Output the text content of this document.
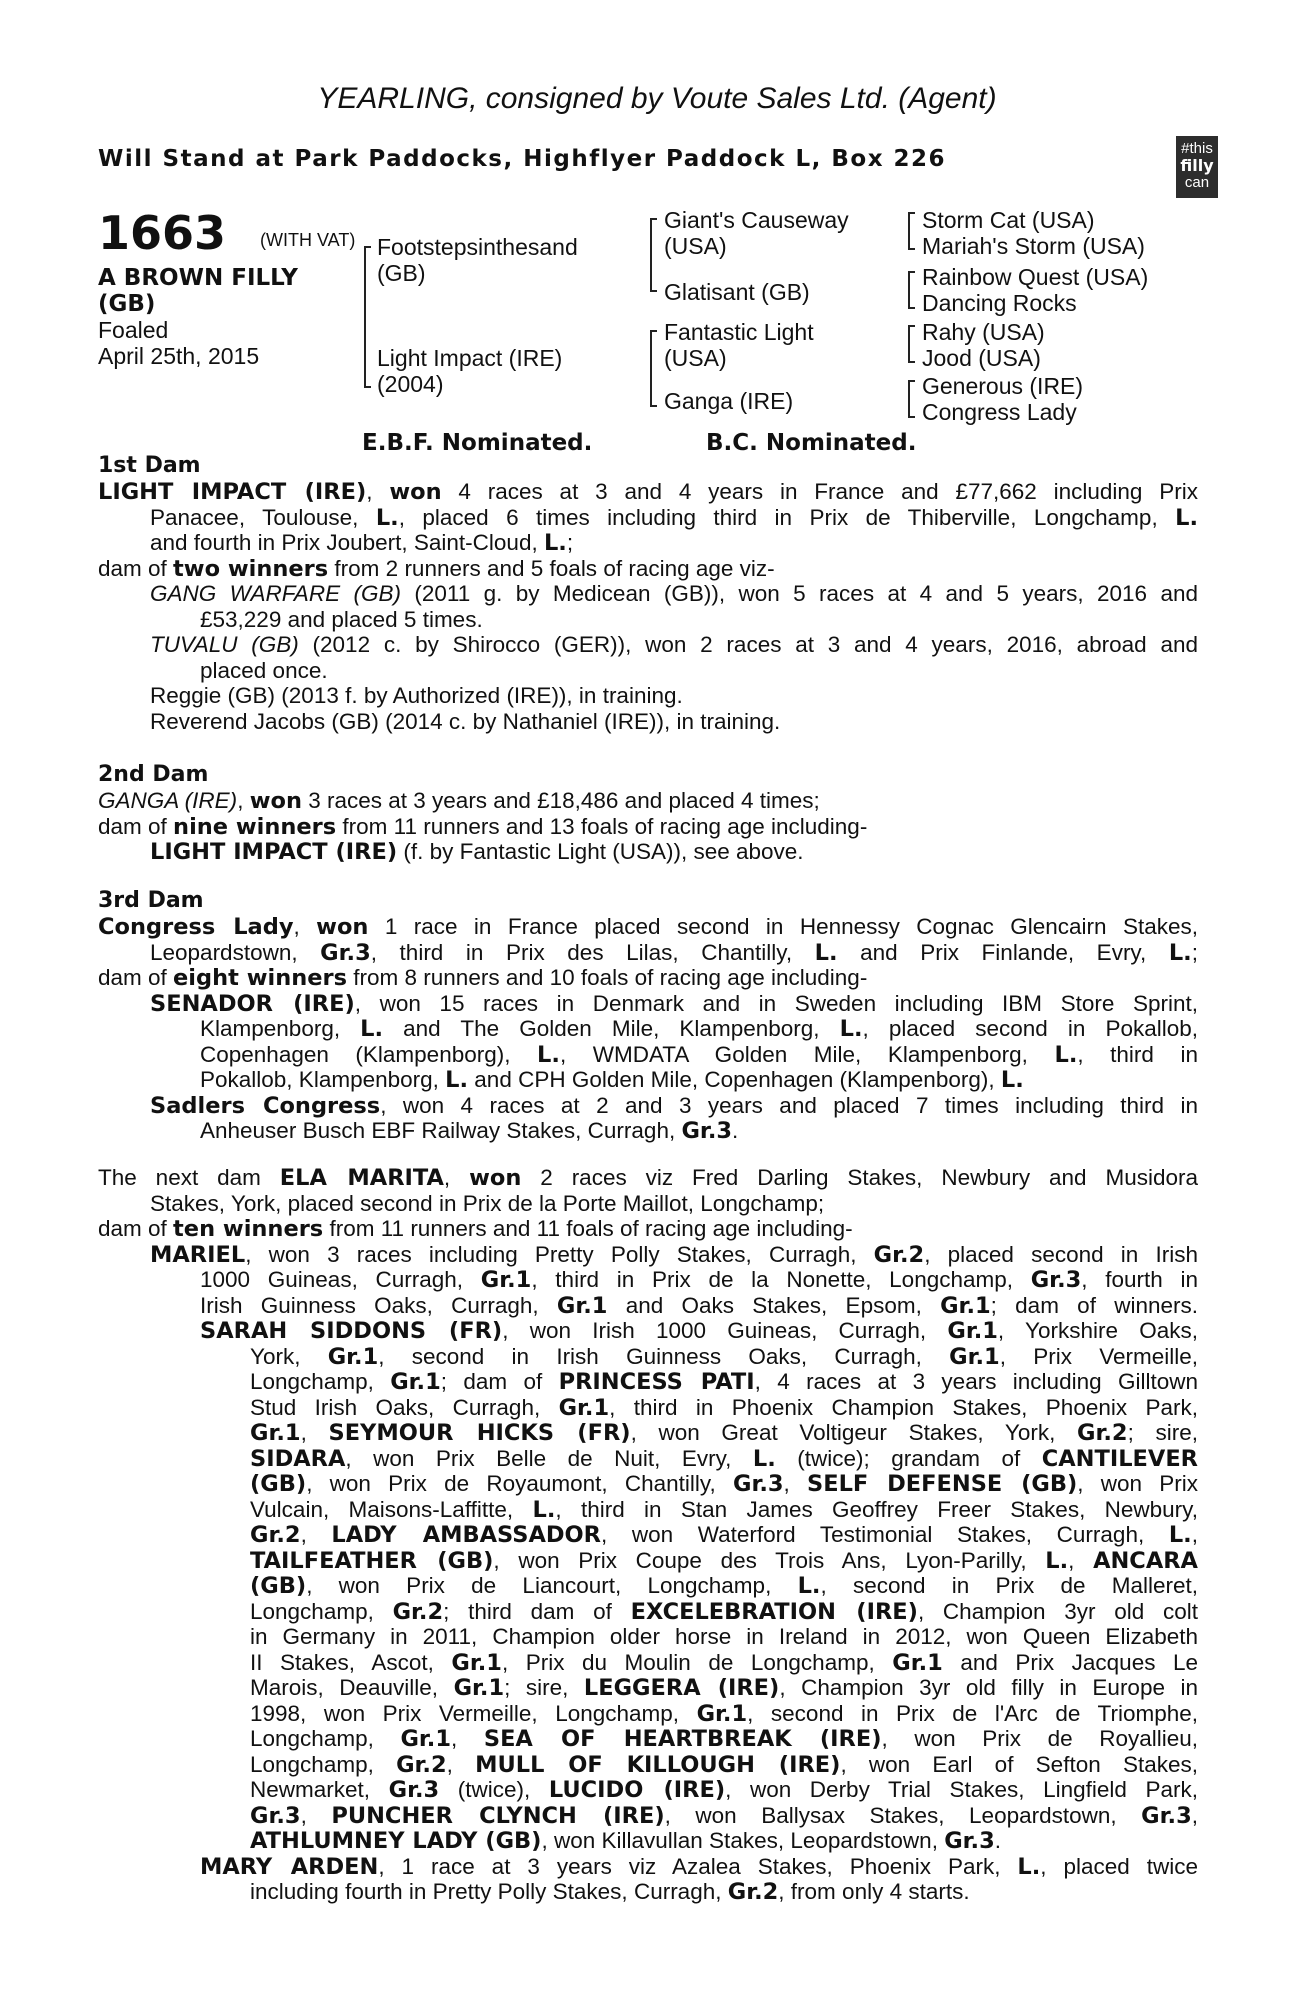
YEARLING, consigned by Voute Sales Ltd. (Agent)
Will Stand at Park Paddocks, Highflyer Paddock L, Box 226	#this
filly
can
1663 (WITH VAT)
A BROWN FILLY
(GB)
Foaled
April 25th, 2015
Footstepsinthesand
(GB)
Light Impact (IRE)
(2004)
Giant's Causeway
(USA)
Glatisant (GB)
Fantastic Light
(USA)
Ganga (IRE)
Storm Cat (USA)
Mariah's Storm (USA)
Rainbow Quest (USA)
Dancing Rocks
Rahy (USA)
Jood (USA)
Generous (IRE)
Congress Lady
E.B.F. Nominated.	B.C. Nominated.
1st Dam
LIGHT IMPACT (IRE), won 4 races at 3 and 4 years in France and £77,662 including Prix
Panacee, Toulouse, L., placed 6 times including third in Prix de Thiberville, Longchamp, L.
and fourth in Prix Joubert, Saint-Cloud, L.;
dam of two winners from 2 runners and 5 foals of racing age viz-
GANG WARFARE (GB) (2011 g. by Medicean (GB)), won 5 races at 4 and 5 years, 2016 and
£53,229 and placed 5 times.
TUVALU (GB) (2012 c. by Shirocco (GER)), won 2 races at 3 and 4 years, 2016, abroad and
placed once.
Reggie (GB) (2013 f. by Authorized (IRE)), in training.
Reverend Jacobs (GB) (2014 c. by Nathaniel (IRE)), in training.
2nd Dam
GANGA (IRE), won 3 races at 3 years and £18,486 and placed 4 times;
dam of nine winners from 11 runners and 13 foals of racing age including-
LIGHT IMPACT (IRE) (f. by Fantastic Light (USA)), see above.
3rd Dam
Congress Lady, won 1 race in France placed second in Hennessy Cognac Glencairn Stakes,
Leopardstown, Gr.3, third in Prix des Lilas, Chantilly, L. and Prix Finlande, Evry, L.;
dam of eight winners from 8 runners and 10 foals of racing age including-
SENADOR (IRE), won 15 races in Denmark and in Sweden including IBM Store Sprint,
Klampenborg, L. and The Golden Mile, Klampenborg, L., placed second in Pokallob,
Copenhagen (Klampenborg), L., WMDATA Golden Mile, Klampenborg, L., third in
Pokallob, Klampenborg, L. and CPH Golden Mile, Copenhagen (Klampenborg), L.
Sadlers Congress, won 4 races at 2 and 3 years and placed 7 times including third in
Anheuser Busch EBF Railway Stakes, Curragh, Gr.3.
The next dam ELA MARITA, won 2 races viz Fred Darling Stakes, Newbury and Musidora
Stakes, York, placed second in Prix de la Porte Maillot, Longchamp;
dam of ten winners from 11 runners and 11 foals of racing age including-
MARIEL, won 3 races including Pretty Polly Stakes, Curragh, Gr.2, placed second in Irish
1000 Guineas, Curragh, Gr.1, third in Prix de la Nonette, Longchamp, Gr.3, fourth in
Irish Guinness Oaks, Curragh, Gr.1 and Oaks Stakes, Epsom, Gr.1; dam of winners.
SARAH SIDDONS (FR), won Irish 1000 Guineas, Curragh, Gr.1, Yorkshire Oaks,
York, Gr.1, second in Irish Guinness Oaks, Curragh, Gr.1, Prix Vermeille,
Longchamp, Gr.1; dam of PRINCESS PATI, 4 races at 3 years including Gilltown
Stud Irish Oaks, Curragh, Gr.1, third in Phoenix Champion Stakes, Phoenix Park,
Gr.1, SEYMOUR HICKS (FR), won Great Voltigeur Stakes, York, Gr.2; sire,
SIDARA, won Prix Belle de Nuit, Evry, L. (twice); grandam of CANTILEVER
(GB), won Prix de Royaumont, Chantilly, Gr.3, SELF DEFENSE (GB), won Prix
Vulcain, Maisons-Laffitte, L., third in Stan James Geoffrey Freer Stakes, Newbury,
Gr.2, LADY AMBASSADOR, won Waterford Testimonial Stakes, Curragh, L.,
TAILFEATHER (GB), won Prix Coupe des Trois Ans, Lyon-Parilly, L., ANCARA
(GB), won Prix de Liancourt, Longchamp, L., second in Prix de Malleret,
Longchamp, Gr.2; third dam of EXCELEBRATION (IRE), Champion 3yr old colt
in Germany in 2011, Champion older horse in Ireland in 2012, won Queen Elizabeth
II Stakes, Ascot, Gr.1, Prix du Moulin de Longchamp, Gr.1 and Prix Jacques Le
Marois, Deauville, Gr.1; sire, LEGGERA (IRE), Champion 3yr old filly in Europe in
1998, won Prix Vermeille, Longchamp, Gr.1, second in Prix de l'Arc de Triomphe,
Longchamp, Gr.1, SEA OF HEARTBREAK (IRE), won Prix de Royallieu,
Longchamp, Gr.2, MULL OF KILLOUGH (IRE), won Earl of Sefton Stakes,
Newmarket, Gr.3 (twice), LUCIDO (IRE), won Derby Trial Stakes, Lingfield Park,
Gr.3, PUNCHER CLYNCH (IRE), won Ballysax Stakes, Leopardstown, Gr.3,
ATHLUMNEY LADY (GB), won Killavullan Stakes, Leopardstown, Gr.3.
MARY ARDEN, 1 race at 3 years viz Azalea Stakes, Phoenix Park, L., placed twice
including fourth in Pretty Polly Stakes, Curragh, Gr.2, from only 4 starts.
